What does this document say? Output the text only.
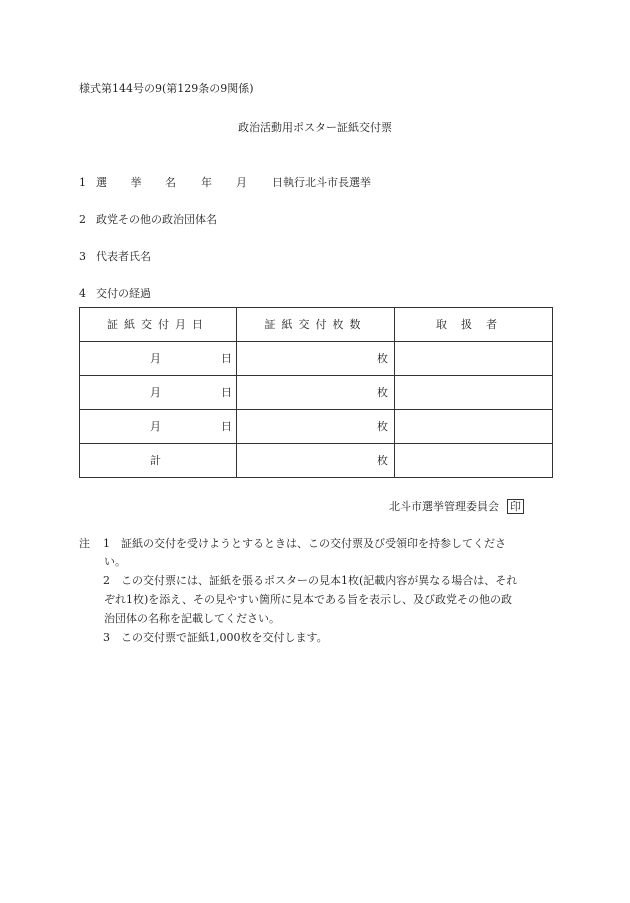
様式第144号の9(第129条の9関係)
政治活動用ポスター証紙交付票
1 選 挙 名 年 月 日執行北斗市長選挙
2 政党その他の政治団体名
3 代表者氏名
4 交付の経過
証紙交付月日	証紙交付枚数	取扱者

月 日	枚	

月 日	枚	

月 日	枚	

計	枚	

北斗市選挙管理委員会 印
注 1 証紙の交付を受けようとするときは、この交付票及び受領印を持参してくださ
い。
2 この交付票には、証紙を張るポスターの見本1枚(記載内容が異なる場合は、それ
ぞれ1枚)を添え、その見やすい箇所に見本である旨を表示し、及び政党その他の政
治団体の名称を記載してください。
3 この交付票で証紙1,000枚を交付します。
